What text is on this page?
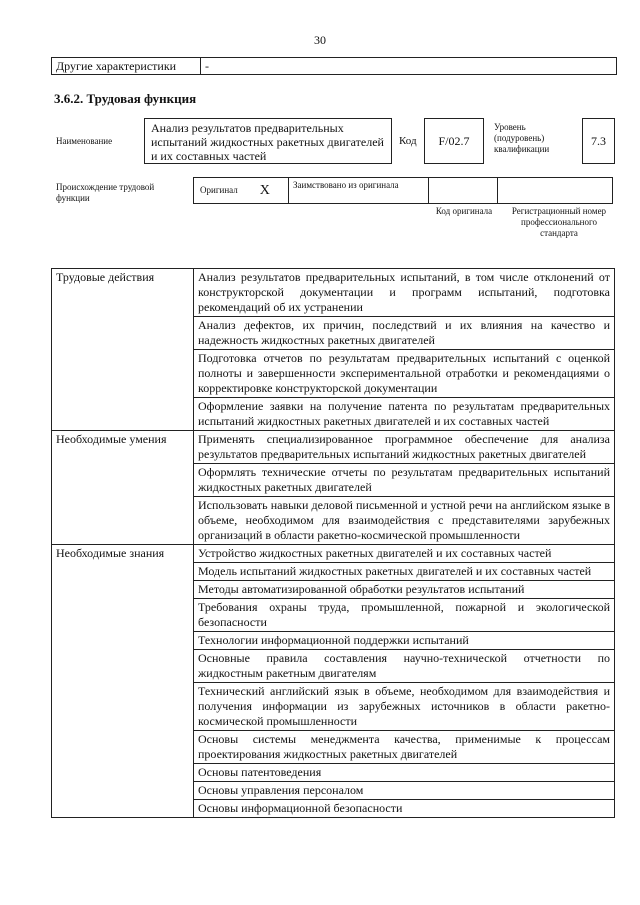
30
Другие характеристики	-
3.6.2. Трудовая функция
Наименование
Анализ результатов предварительных испытаний жидкостных ракетных двигателей и их составных частей
Код	F/02.7
Уровень (подуровень) квалификации
7.3
Происхождение трудовой функции
Оригинал X	Заимствовано из оригинала
Код оригинала	Регистрационный номер профессионального стандарта
Трудовые действия	Анализ результатов предварительных испытаний, в том числе отклонений от конструкторской документации и программ испытаний, подготовка рекомендаций об их устранении
	Анализ дефектов, их причин, последствий и их влияния на качество и надежность жидкостных ракетных двигателей
	Подготовка отчетов по результатам предварительных испытаний с оценкой полноты и завершенности экспериментальной отработки и рекомендациями о корректировке конструкторской документации
	Оформление заявки на получение патента по результатам предварительных испытаний жидкостных ракетных двигателей и их составных частей
Необходимые умения	Применять специализированное программное обеспечение для анализа результатов предварительных испытаний жидкостных ракетных двигателей
	Оформлять технические отчеты по результатам предварительных испытаний жидкостных ракетных двигателей
	Использовать навыки деловой письменной и устной речи на английском языке в объеме, необходимом для взаимодействия с представителями зарубежных организаций в области ракетно-космической промышленности
Необходимые знания	Устройство жидкостных ракетных двигателей и их составных частей
	Модель испытаний жидкостных ракетных двигателей и их составных частей
	Методы автоматизированной обработки результатов испытаний
	Требования охраны труда, промышленной, пожарной и экологической безопасности
	Технологии информационной поддержки испытаний
	Основные правила составления научно-технической отчетности по жидкостным ракетным двигателям
	Технический английский язык в объеме, необходимом для взаимодействия и получения информации из зарубежных источников в области ракетно-космической промышленности
	Основы системы менеджмента качества, применимые к процессам проектирования жидкостных ракетных двигателей
	Основы патентоведения
	Основы управления персоналом
	Основы информационной безопасности
